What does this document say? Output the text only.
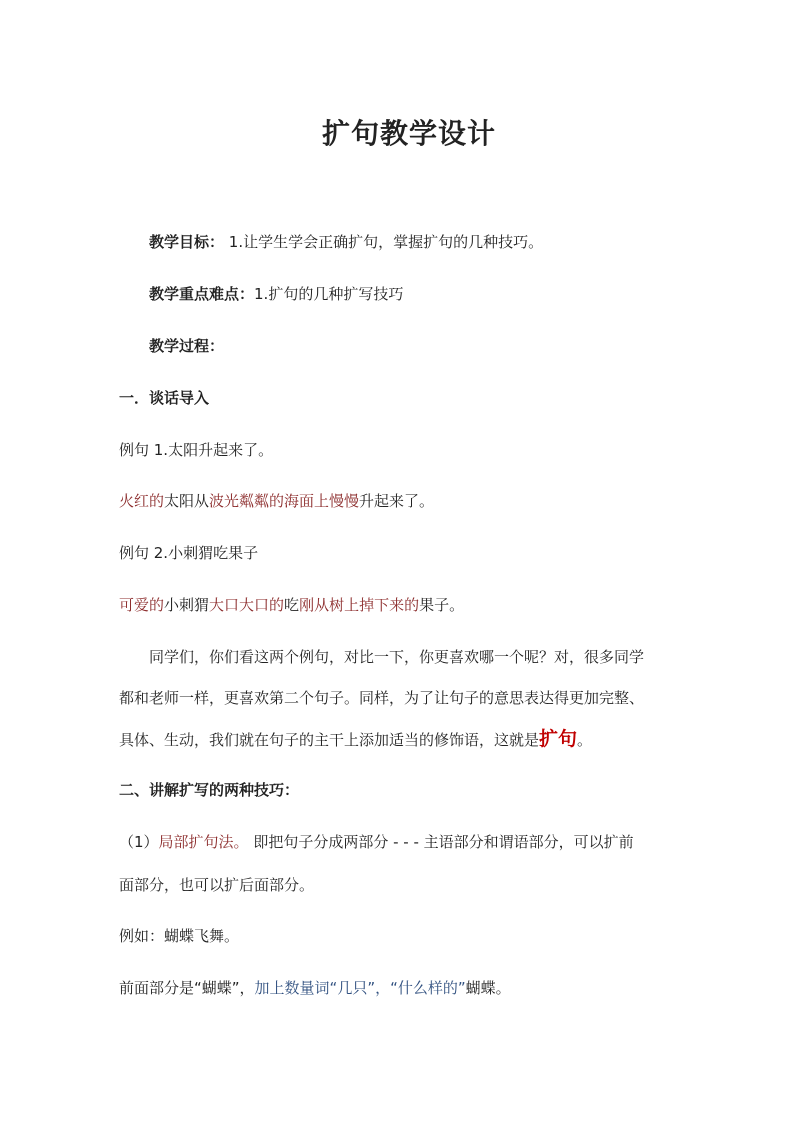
扩句教学设计

教学目标： 1.让学生学会正确扩句，掌握扩句的几种技巧。

教学重点难点：1.扩句的几种扩写技巧

教学过程：

一．谈话导入

例句 1.太阳升起来了。

火红的太阳从波光粼粼的海面上慢慢升起来了。

例句 2.小刺猬吃果子

可爱的小刺猬大口大口的吃刚从树上掉下来的果子。

同学们，你们看这两个例句，对比一下，你更喜欢哪一个呢？对，很多同学

都和老师一样，更喜欢第二个句子。同样，为了让句子的意思表达得更加完整、

具体、生动，我们就在句子的主干上添加适当的修饰语，这就是扩句。

二、讲解扩写的两种技巧：

（1）局部扩句法。 即把句子分成两部分 - - - 主语部分和谓语部分，可以扩前

面部分，也可以扩后面部分。

例如：蝴蝶飞舞。

前面部分是“蝴蝶”，加上数量词“几只”，“什么样的”蝴蝶。
